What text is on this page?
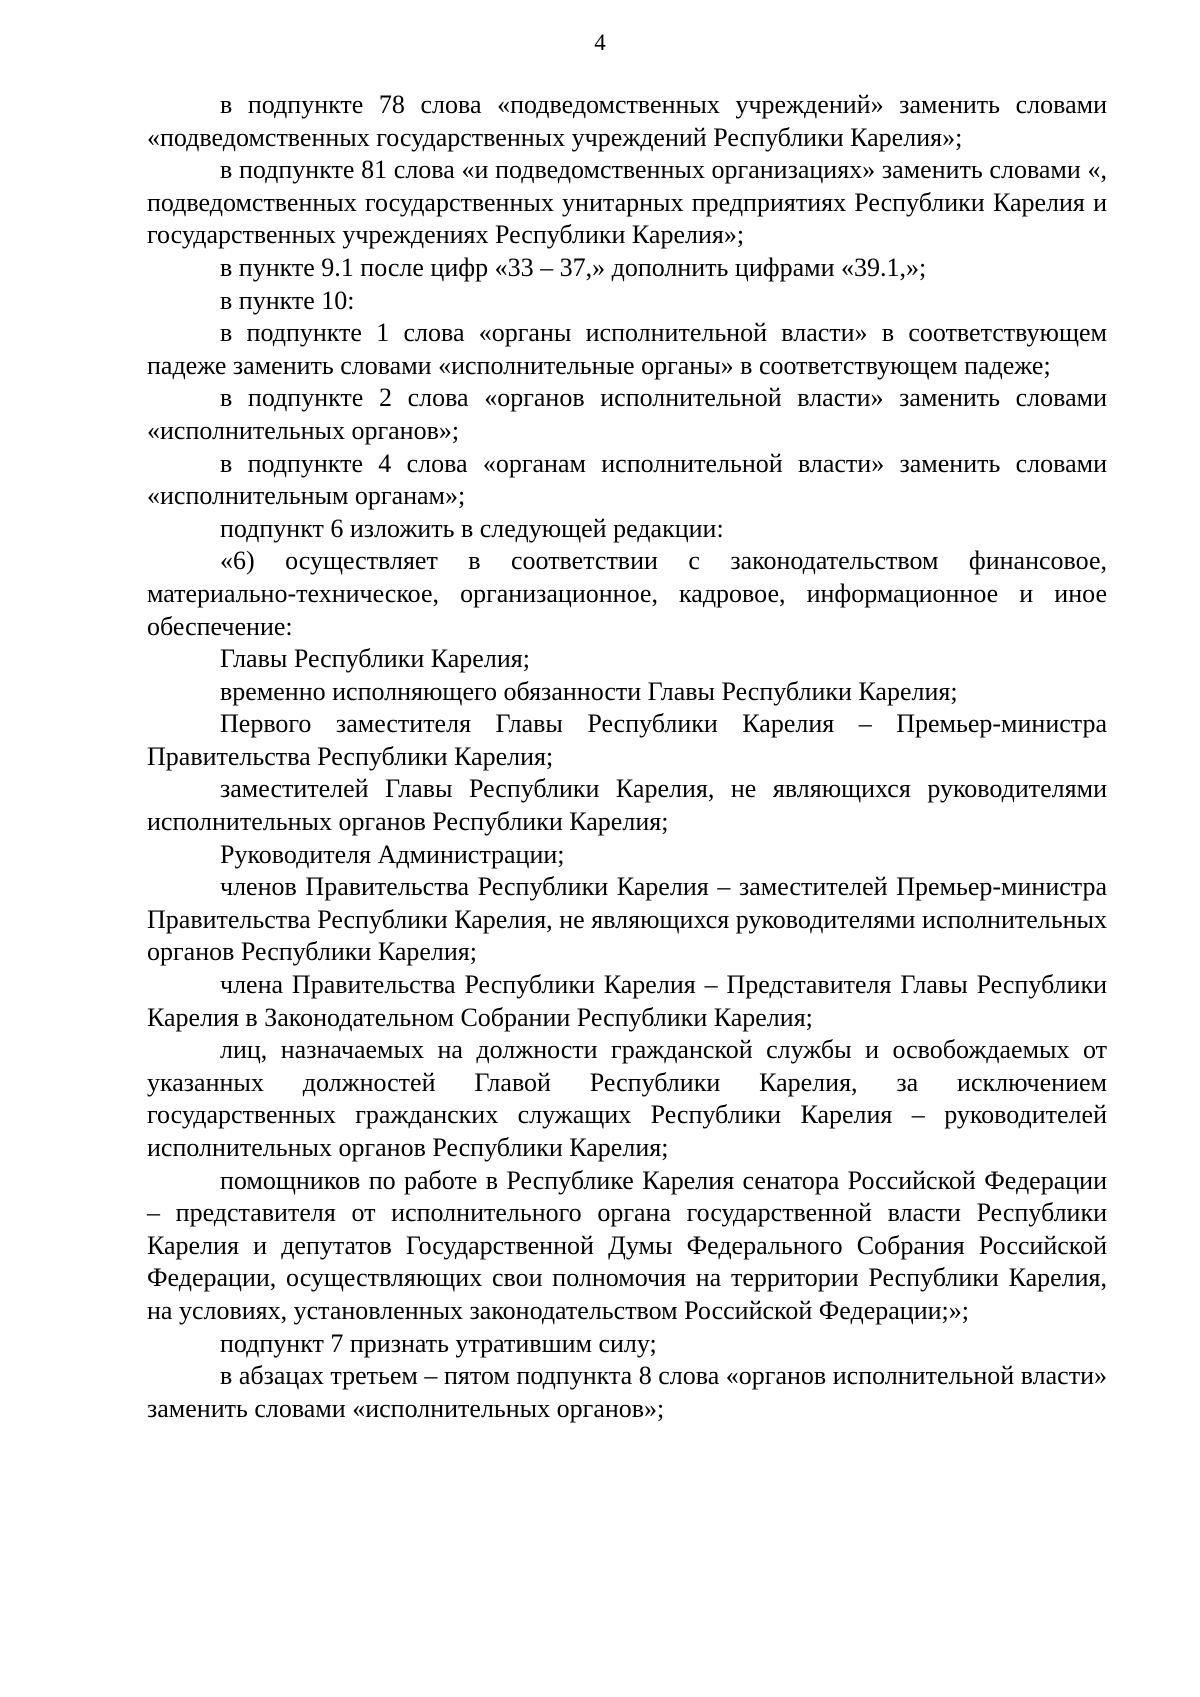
4

в подпункте 78 слова «подведомственных учреждений» заменить словами «подведомственных государственных учреждений Республики Карелия»;

в подпункте 81 слова «и подведомственных организациях» заменить словами «, подведомственных государственных унитарных предприятиях Республики Карелия и государственных учреждениях Республики Карелия»;

в пункте 9.1 после цифр «33 – 37,» дополнить цифрами «39.1,»;

в пункте 10:

в подпункте 1 слова «органы исполнительной власти» в соответствующем падеже заменить словами «исполнительные органы» в соответствующем падеже;

в подпункте 2 слова «органов исполнительной власти» заменить словами «исполнительных органов»;

в подпункте 4 слова «органам исполнительной власти» заменить словами «исполнительным органам»;

подпункт 6 изложить в следующей редакции:

«6) осуществляет в соответствии с законодательством финансовое, материально-техническое, организационное, кадровое, информационное и иное обеспечение:

Главы Республики Карелия;

временно исполняющего обязанности Главы Республики Карелия;

Первого заместителя Главы Республики Карелия – Премьер-министра Правительства Республики Карелия;

заместителей Главы Республики Карелия, не являющихся руководителями исполнительных органов Республики Карелия;

Руководителя Администрации;

членов Правительства Республики Карелия – заместителей Премьер-министра Правительства Республики Карелия, не являющихся руководителями исполнительных органов Республики Карелия;

члена Правительства Республики Карелия – Представителя Главы Республики Карелия в Законодательном Собрании Республики Карелия;

лиц, назначаемых на должности гражданской службы и освобождаемых от указанных должностей Главой Республики Карелия, за исключением государственных гражданских служащих Республики Карелия – руководителей исполнительных органов Республики Карелия;

помощников по работе в Республике Карелия сенатора Российской Федерации – представителя от исполнительного органа государственной власти Республики Карелия и депутатов Государственной Думы Федерального Собрания Российской Федерации, осуществляющих свои полномочия на территории Республики Карелия, на условиях, установленных законодательством Российской Федерации;»;

подпункт 7 признать утратившим силу;

в абзацах третьем – пятом подпункта 8 слова «органов исполнительной власти» заменить словами «исполнительных органов»;
